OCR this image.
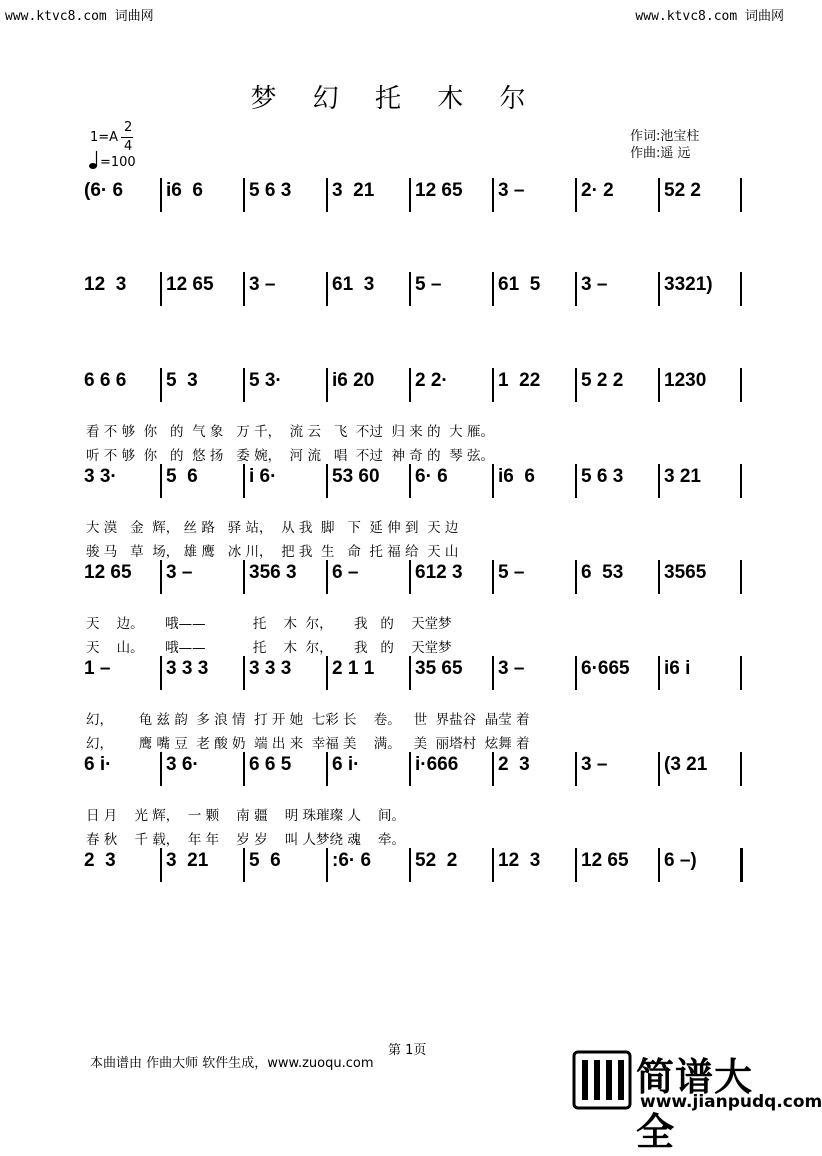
www.ktvc8.com 词曲网	www.ktvc8.com 词曲网
梦 幻 托 木 尔
1=A
2
4
=100
作词:池宝柱
作曲:遥 远
(6· 6	i6  6	5 6 3	3  21	12 65	3 –	2· 2	52 2
12  3	12 65	3 –	61  3	5 –	61  5	3 –	3321)
6 6 6	5  3	5 3·	i6 20	2 2·	1  22	5 2 2	1230
看 不 够  你   的  气 象   万 千，  流 云   飞  不过  归 来 的  大 雁。
听 不 够  你   的  悠 扬   委 婉，  河 流   唱  不过  神 奇 的  琴 弦。
3 3·	5  6	i 6·	53 60	6· 6	i6  6	5 6 3	3 21
大 漠   金  辉， 丝 路   驿 站，  从 我  脚   下  延 伸 到  天 边
骏 马   草  场， 雄 鹰   冰 川，  把 我  生   命  托 福 给  天 山
12 65	3 –	356 3	6 –	612 3	5 –	6  53	3565
天    边。     哦——           托    木  尔，     我   的    天堂梦
天    山。     哦——           托    木  尔，     我   的    天堂梦
1 –	3 3 3	3 3 3	2 1 1	35 65	3 –	6·665	i6 i
幻，      龟 兹 韵  多 浪 情  打 开 她  七彩 长    卷。   世  界盐谷  晶莹 着
幻，      鹰 嘴 豆  老 酸 奶  端 出 来  幸福 美    满。   美  丽塔村  炫舞 着
6 i·	3 6·	6 6 5	6 i·	i·666	2  3	3 –	(3 21
日 月    光 辉，  一 颗    南 疆    明 珠璀璨 人    间。
春 秋    千 载，  年 年    岁 岁    叫 人梦绕 魂    牵。
2  3	3  21	5  6	:6· 6	52  2	12  3	12 65	6 –)
第 1页
本曲谱由 作曲大师 软件生成，www.zuoqu.com	简谱大全
www.jianpudq.com
